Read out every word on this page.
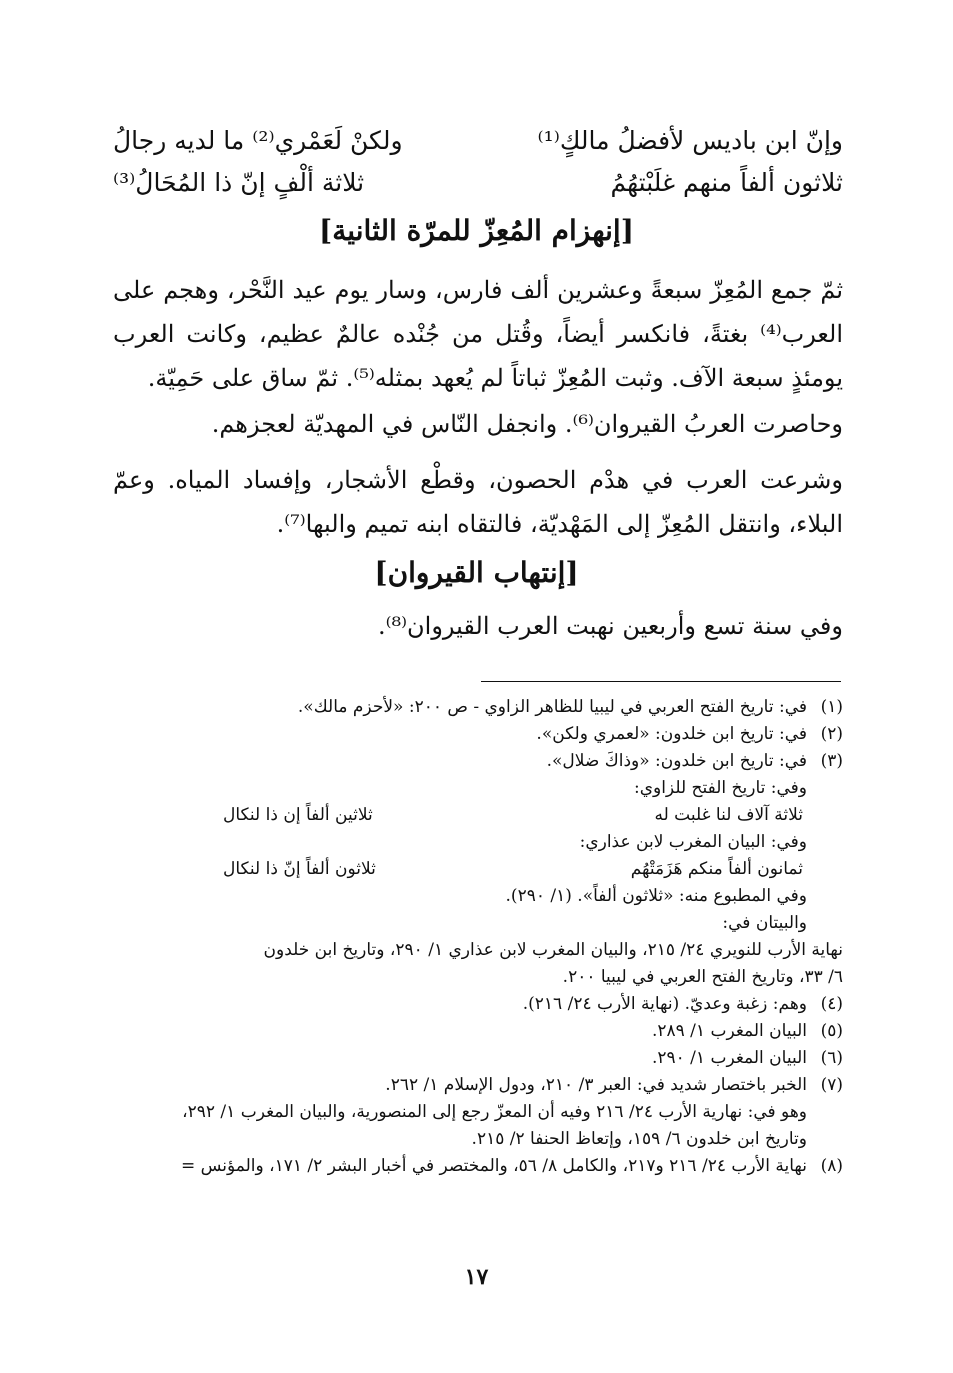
وإنّ ابن باديس لأفضلُ مالكٍ⁽¹⁾
ولكنْ لَعَمْري⁽²⁾ ما لديه رجالُ
ثلاثون ألفاً منهم غلَبْتهُمُ
ثلاثة ألْفٍ إنّ ذا المُحَالُ⁽³⁾
[إنهزام المُعِزّ للمرّة الثانية]
ثمّ جمع المُعِزّ سبعةً وعشرين ألف فارس، وسار يوم عيد النَّحْر، وهجم على العرب⁽⁴⁾ بغتةً، فانكسر أيضاً، وقُتل من جُنْده عالمٌ عظيم، وكانت العرب يومئذٍ سبعة الآف. وثبت المُعِزّ ثباتاً لم يُعهد بمثله⁽⁵⁾. ثمّ ساق على حَمِيّة.
وحاصرت العربُ القيروان⁽⁶⁾. وانجفل النّاس في المهديّة لعجزهم.
وشرعت العرب في هدْم الحصون، وقطْع الأشجار، وإفساد المياه. وعمّ البلاء، وانتقل المُعِزّ إلى المَهْديّة، فالتقاه ابنه تميم والبها⁽⁷⁾.
[إنتهاب القيروان]
وفي سنة تسع وأربعين نهبت العرب القيروان⁽⁸⁾.
(١)في: تاريخ الفتح العربي في ليبيا للظاهر الزاوي - ص ٢٠٠: «لأحزم مالك».
(٢)في: تاريخ ابن خلدون: «لعمري ولكن».
(٣)في: تاريخ ابن خلدون: «وذاكَ ضلال».
وفي: تاريخ الفتح للزاوي:
ثلاثة آلاف لنا غلبت له
ثلاثين ألفاً إن ذا لنكال
وفي: البيان المغرب لابن عذاري:
ثمانون ألفاً منكم هَزَمَتْهُم
ثلاثون ألفاً إنّ ذا لنكال
وفي المطبوع منه: «ثلاثون ألفاً». (١/ ٢٩٠).
والبيتان في:
نهاية الأرب للنويري ٢٤/ ٢١٥، والبيان المغرب لابن عذاري ١/ ٢٩٠، وتاريخ ابن خلدون
٦/ ٣٣، وتاريخ الفتح العربي في ليبيا ٢٠٠.
(٤)وهم: زغبة وعديّ. (نهاية الأرب ٢٤/ ٢١٦).
(٥)البيان المغرب ١/ ٢٨٩.
(٦)البيان المغرب ١/ ٢٩٠.
(٧)الخبر باختصار شديد في: العبر ٣/ ٢١٠، ودول الإسلام ١/ ٢٦٢.
وهو في: نهارية الأرب ٢٤/ ٢١٦ وفيه أن المعزّ رجع إلى المنصورية، والبيان المغرب ١/ ٢٩٢،
وتاريخ ابن خلدون ٦/ ١٥٩، وإتعاظ الحنفا ٢/ ٢١٥.
(٨)نهاية الأرب ٢٤/ ٢١٦ و٢١٧، والكامل ٨/ ٥٦، والمختصر في أخبار البشر ٢/ ١٧١، والمؤنس =
١٧
